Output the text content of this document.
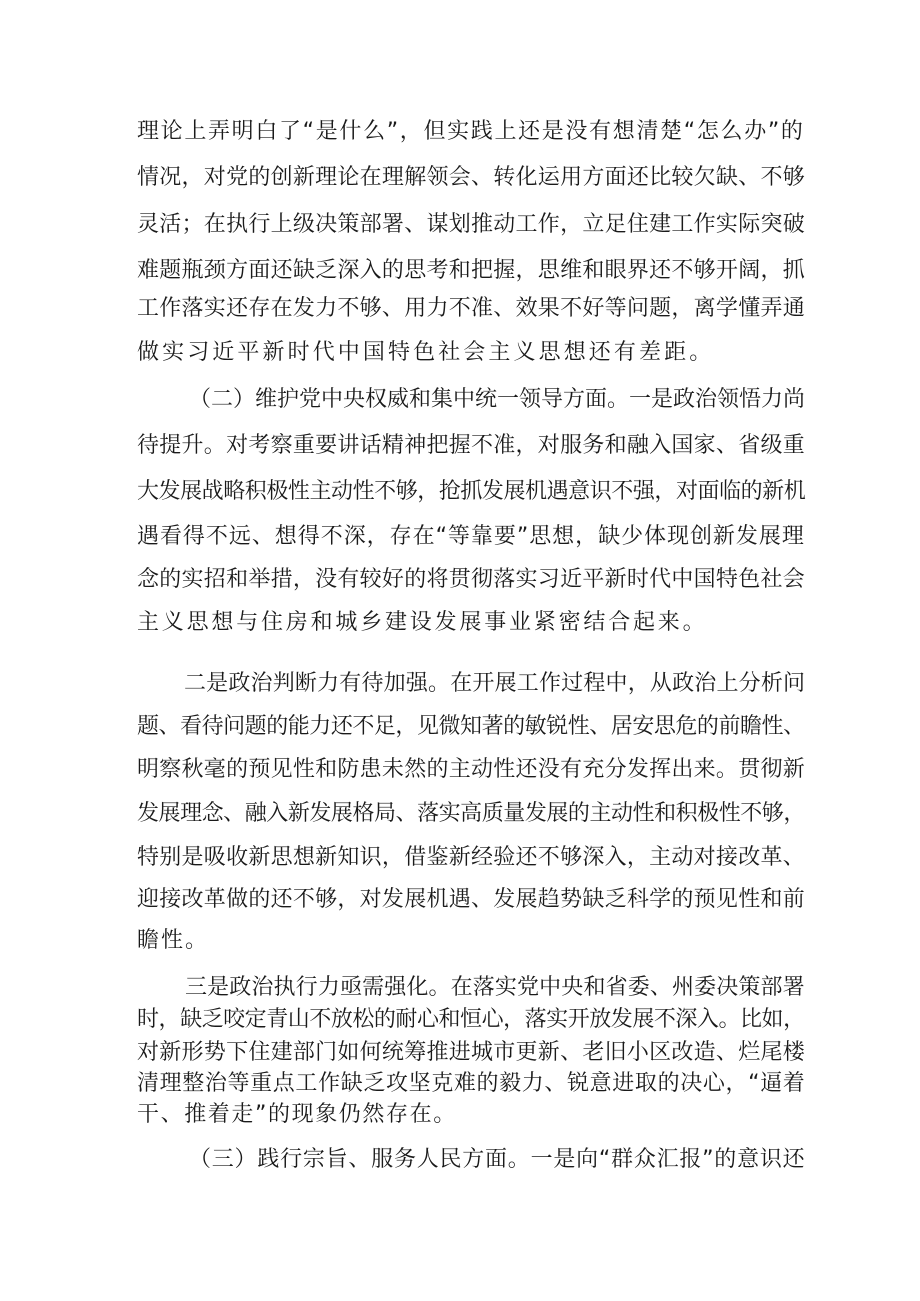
理论上弄明白了“是什么”，但实践上还是没有想清楚“怎么办”的
情况，对党的创新理论在理解领会、转化运用方面还比较欠缺、不够
灵活；在执行上级决策部署、谋划推动工作，立足住建工作实际突破
难题瓶颈方面还缺乏深入的思考和把握，思维和眼界还不够开阔，抓
工作落实还存在发力不够、用力不准、效果不好等问题，离学懂弄通
做实习近平新时代中国特色社会主义思想还有差距。
（二）维护党中央权威和集中统一领导方面。一是政治领悟力尚
待提升。对考察重要讲话精神把握不准，对服务和融入国家、省级重
大发展战略积极性主动性不够，抢抓发展机遇意识不强，对面临的新机
遇看得不远、想得不深，存在“等靠要”思想，缺少体现创新发展理
念的实招和举措，没有较好的将贯彻落实习近平新时代中国特色社会
主义思想与住房和城乡建设发展事业紧密结合起来。
二是政治判断力有待加强。在开展工作过程中，从政治上分析问
题、看待问题的能力还不足，见微知著的敏锐性、居安思危的前瞻性、
明察秋毫的预见性和防患未然的主动性还没有充分发挥出来。贯彻新
发展理念、融入新发展格局、落实高质量发展的主动性和积极性不够，
特别是吸收新思想新知识，借鉴新经验还不够深入，主动对接改革、
迎接改革做的还不够，对发展机遇、发展趋势缺乏科学的预见性和前
瞻性。
三是政治执行力亟需强化。在落实党中央和省委、州委决策部署
时，缺乏咬定青山不放松的耐心和恒心，落实开放发展不深入。比如，
对新形势下住建部门如何统筹推进城市更新、老旧小区改造、烂尾楼
清理整治等重点工作缺乏攻坚克难的毅力、锐意进取的决心，“逼着
干、推着走”的现象仍然存在。
（三）践行宗旨、服务人民方面。一是向“群众汇报”的意识还
